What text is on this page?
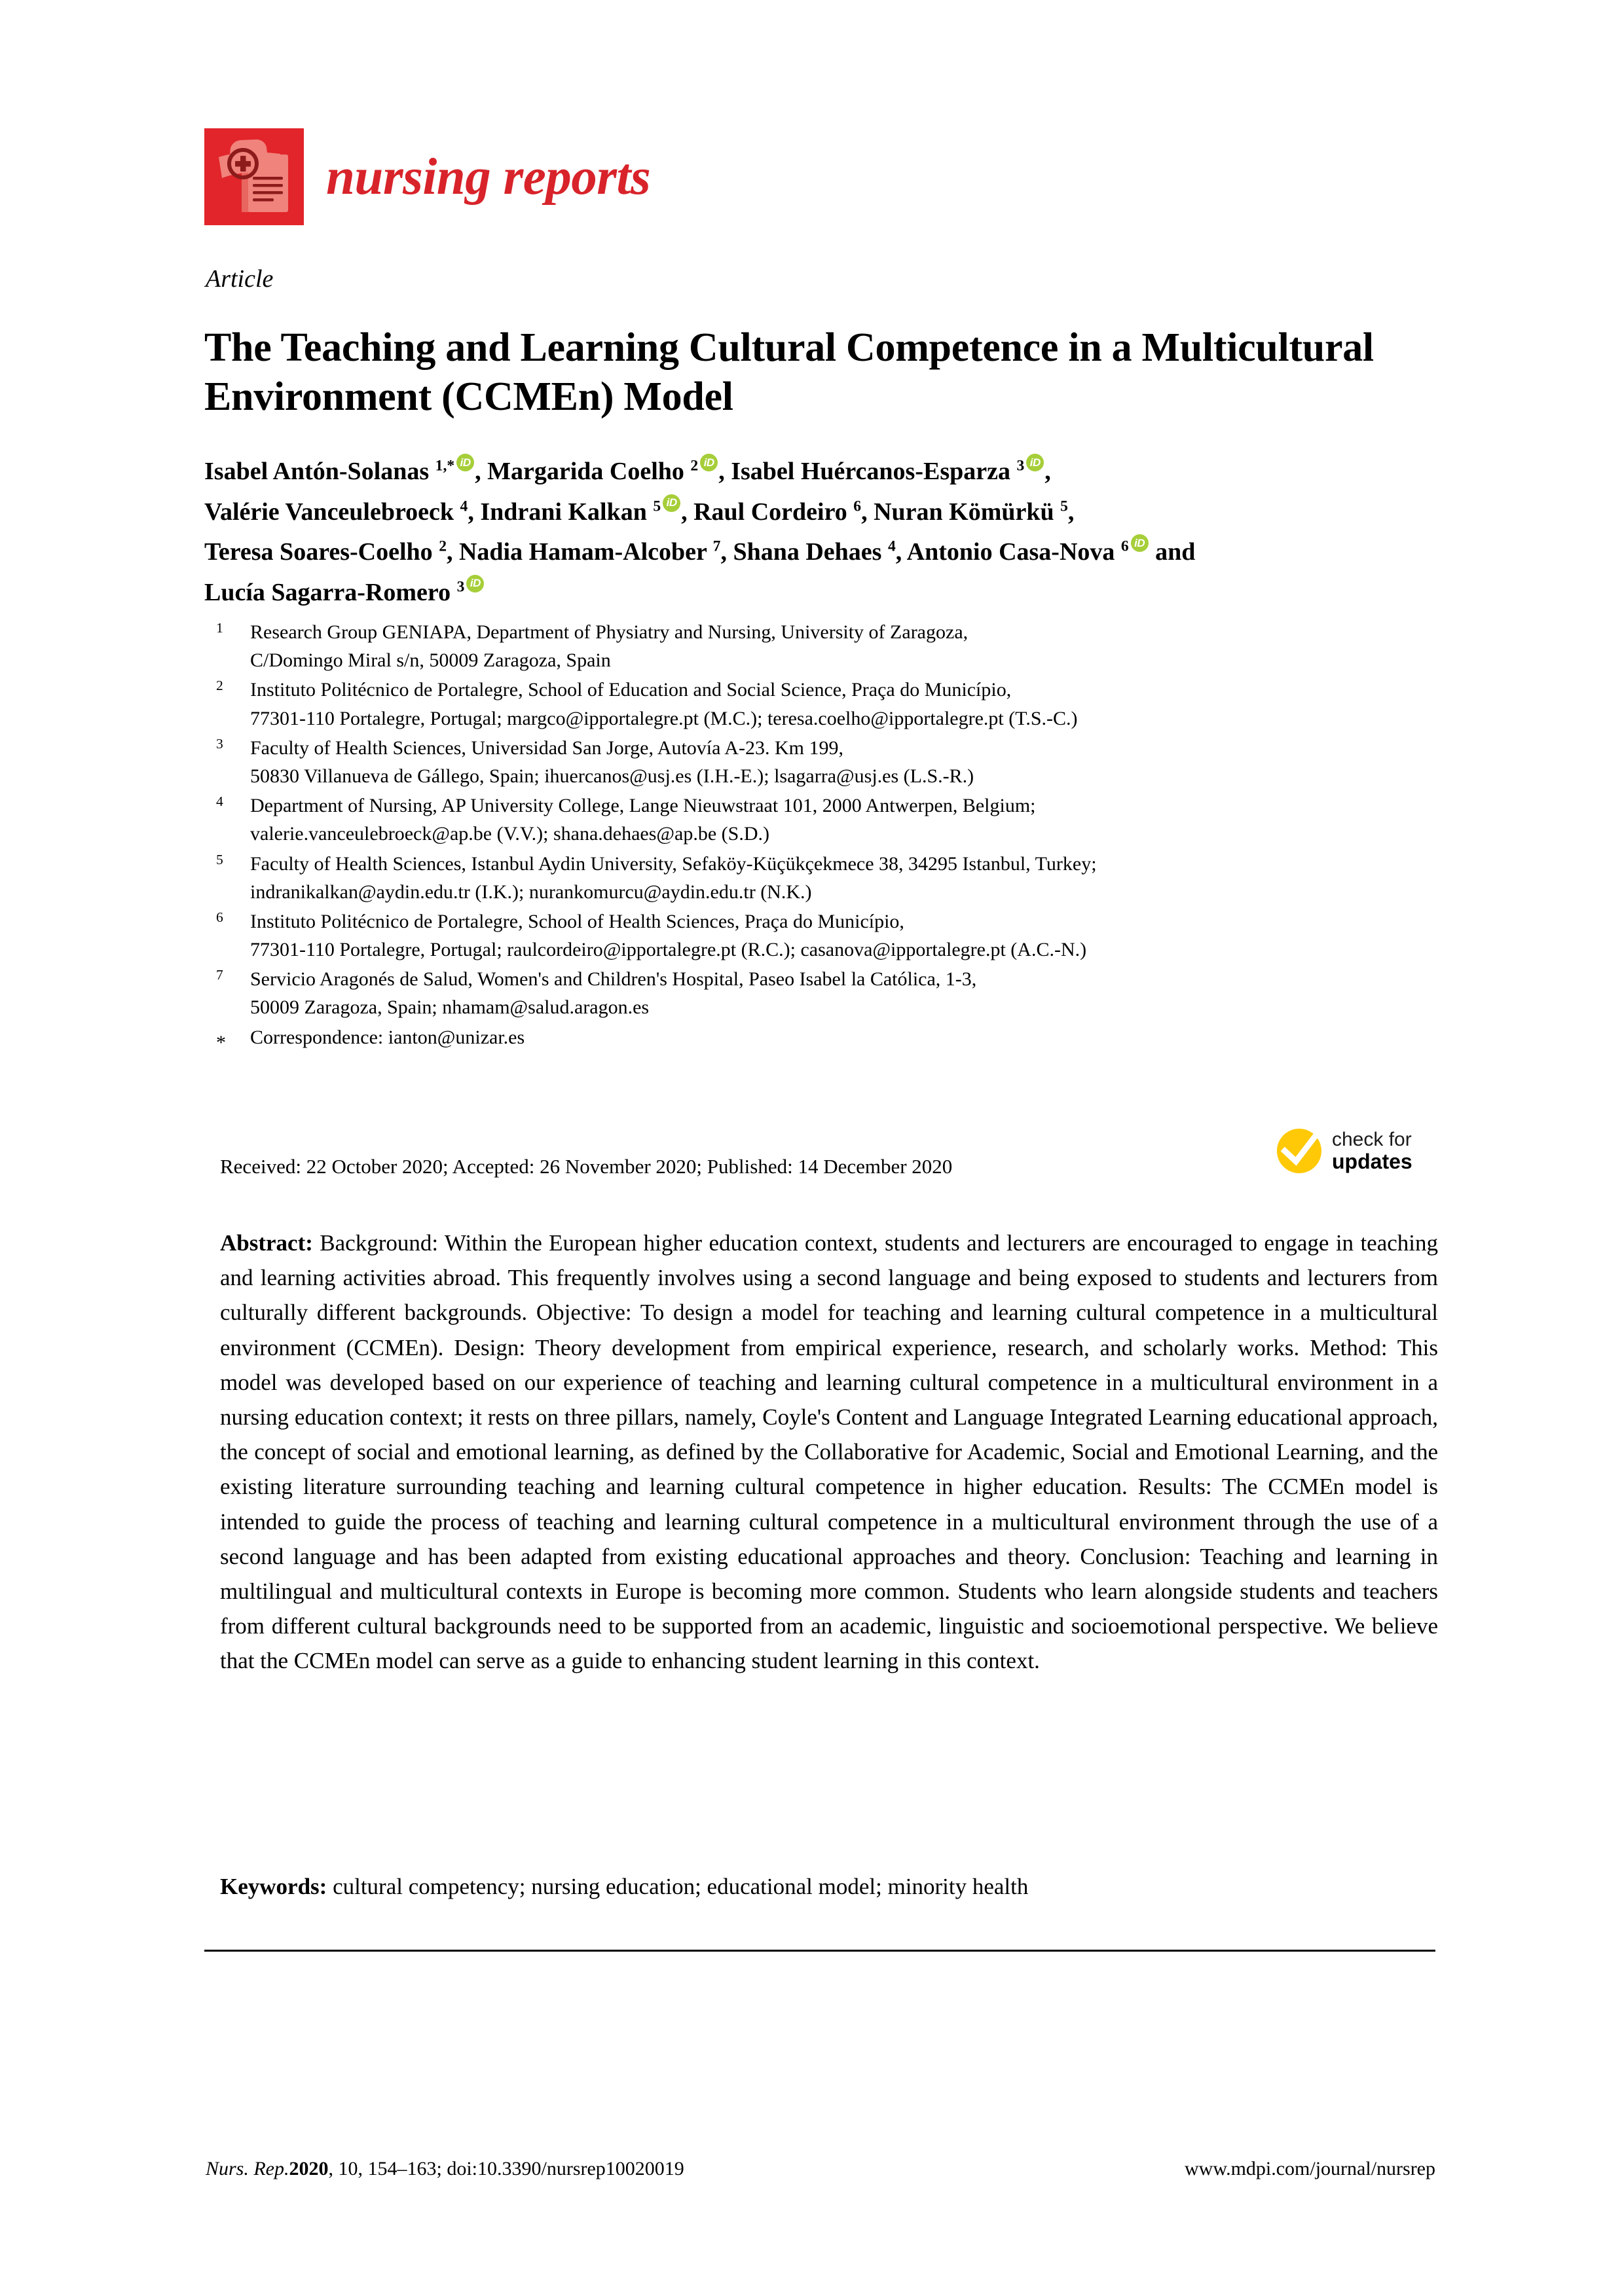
nursing reports
Article
The Teaching and Learning Cultural Competence in a Multicultural Environment (CCMEn) Model
Isabel Antón-Solanas $^{1,*}$ iD , Margarida Coelho $^2$ iD , Isabel Huércanos-Esparza $^3$ iD ,
Valérie Vanceulebroeck $^4$, Indrani Kalkan $^5$ iD , Raul Cordeiro $^6$, Nuran Kömürkü $^5$,
Teresa Soares-Coelho $^2$, Nadia Hamam-Alcober $^7$, Shana Dehaes $^4$, Antonio Casa-Nova $^6$iD and
Lucía Sagarra-Romero $^3$iD
$^1$	Research Group GENIAPA, Department of Physiatry and Nursing, University of Zaragoza,
C/Domingo Miral s/n, 50009 Zaragoza, Spain
$^2$	Instituto Politécnico de Portalegre, School of Education and Social Science, Praça do Município,
77301-110 Portalegre, Portugal; margco@ipportalegre.pt (M.C.); teresa.coelho@ipportalegre.pt (T.S.-C.)
$^3$	Faculty of Health Sciences, Universidad San Jorge, Autovía A-23. Km 199,
50830 Villanueva de Gállego, Spain; ihuercanos@usj.es (I.H.-E.); lsagarra@usj.es (L.S.-R.)
$^4$	Department of Nursing, AP University College, Lange Nieuwstraat 101, 2000 Antwerpen, Belgium;
valerie.vanceulebroeck@ap.be (V.V.); shana.dehaes@ap.be (S.D.)
$^5$	Faculty of Health Sciences, Istanbul Aydin University, Sefaköy-Küçükçekmece 38, 34295 Istanbul, Turkey;
indranikalkan@aydin.edu.tr (I.K.); nurankomurcu@aydin.edu.tr (N.K.)
$^6$	Instituto Politécnico de Portalegre, School of Health Sciences, Praça do Município,
77301-110 Portalegre, Portugal; raulcordeiro@ipportalegre.pt (R.C.); casanova@ipportalegre.pt (A.C.-N.)
$^7$	Servicio Aragonés de Salud, Women's and Children's Hospital, Paseo Isabel la Católica, 1-3,
50009 Zaragoza, Spain; nhamam@salud.aragon.es
*	Correspondence: ianton@unizar.es
Received: 22 October 2020; Accepted: 26 November 2020; Published: 14 December 2020
check for
updates
Abstract: Background: Within the European higher education context, students and lecturers are encouraged to engage in teaching and learning activities abroad. This frequently involves using a second language and being exposed to students and lecturers from culturally different backgrounds. Objective: To design a model for teaching and learning cultural competence in a multicultural environment (CCMEn). Design: Theory development from empirical experience, research, and scholarly works. Method: This model was developed based on our experience of teaching and learning cultural competence in a multicultural environment in a nursing education context; it rests on three pillars, namely, Coyle's Content and Language Integrated Learning educational approach, the concept of social and emotional learning, as defined by the Collaborative for Academic, Social and Emotional Learning, and the existing literature surrounding teaching and learning cultural competence in higher education. Results: The CCMEn model is intended to guide the process of teaching and learning cultural competence in a multicultural environment through the use of a second language and has been adapted from existing educational approaches and theory. Conclusion: Teaching and learning in multilingual and multicultural contexts in Europe is becoming more common. Students who learn alongside students and teachers from different cultural backgrounds need to be supported from an academic, linguistic and socioemotional perspective. We believe that the CCMEn model can serve as a guide to enhancing student learning in this context.
Keywords: cultural competency; nursing education; educational model; minority health
Nurs. Rep.2020, 10, 154–163; doi:10.3390/nursrep10020019	www.mdpi.com/journal/nursrep
